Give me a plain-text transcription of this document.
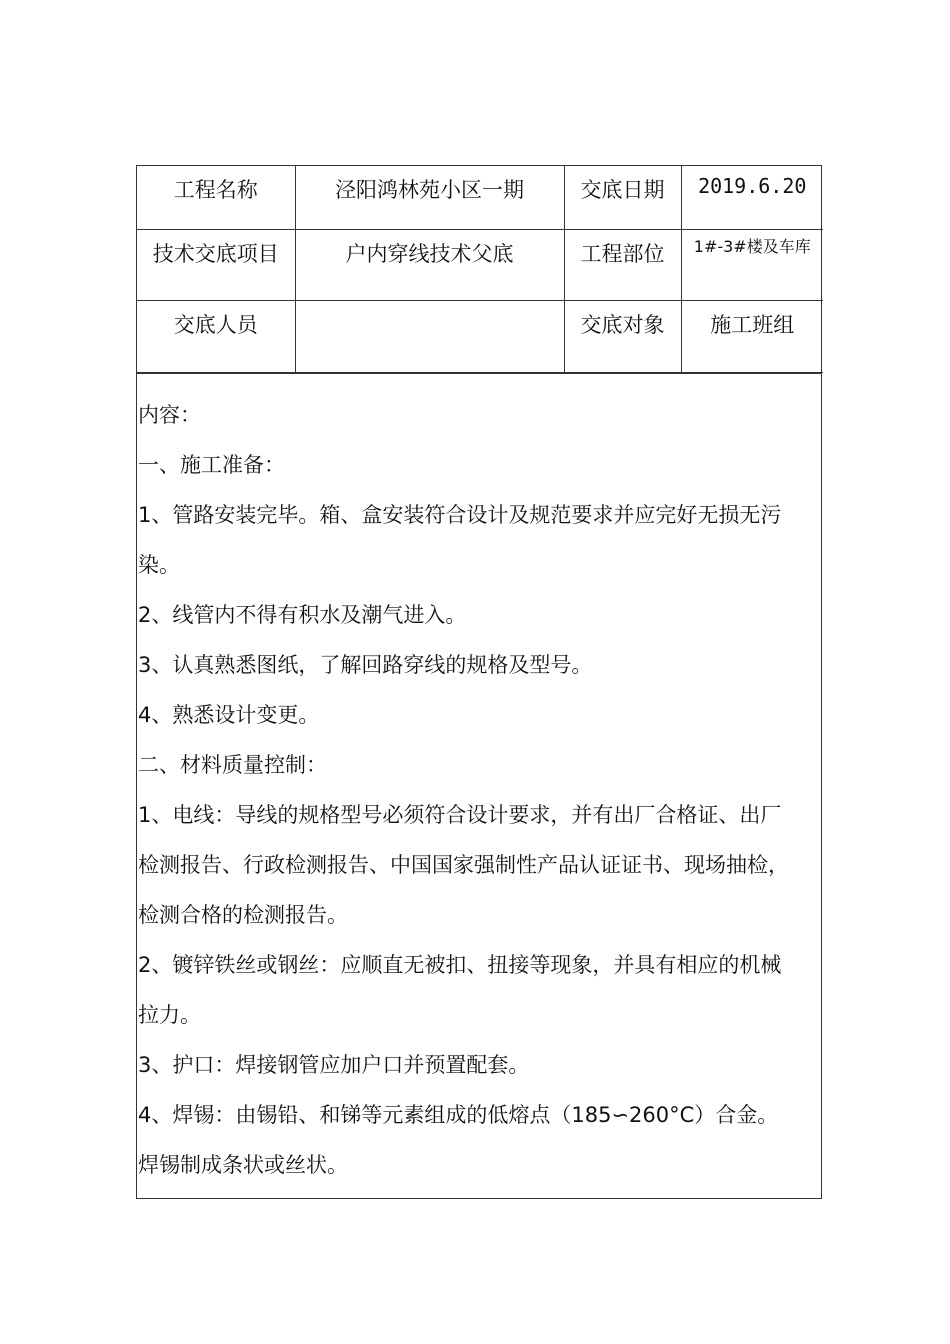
工程名称	泾阳鸿林苑小区一期	交底日期	2019.6.20
技术交底项目	户内穿线技术父底	工程部位	1#-3#楼及车库
交底人员		交底对象	施工班组

内容：

一、施工准备：

1、管路安装完毕。箱、盒安装符合设计及规范要求并应完好无损无污

染。

2、线管内不得有积水及潮气进入。

3、认真熟悉图纸，了解回路穿线的规格及型号。

4、熟悉设计变更。

二、材料质量控制：

1、电线：导线的规格型号必须符合设计要求，并有出厂合格证、出厂

检测报告、行政检测报告、中国国家强制性产品认证证书、现场抽检，

检测合格的检测报告。

2、镀锌铁丝或钢丝：应顺直无被扣、扭接等现象，并具有相应的机械

拉力。

3、护口：焊接钢管应加户口并预置配套。

4、焊锡：由锡铅、和锑等元素组成的低熔点（185∽260°C）合金。

焊锡制成条状或丝状。
